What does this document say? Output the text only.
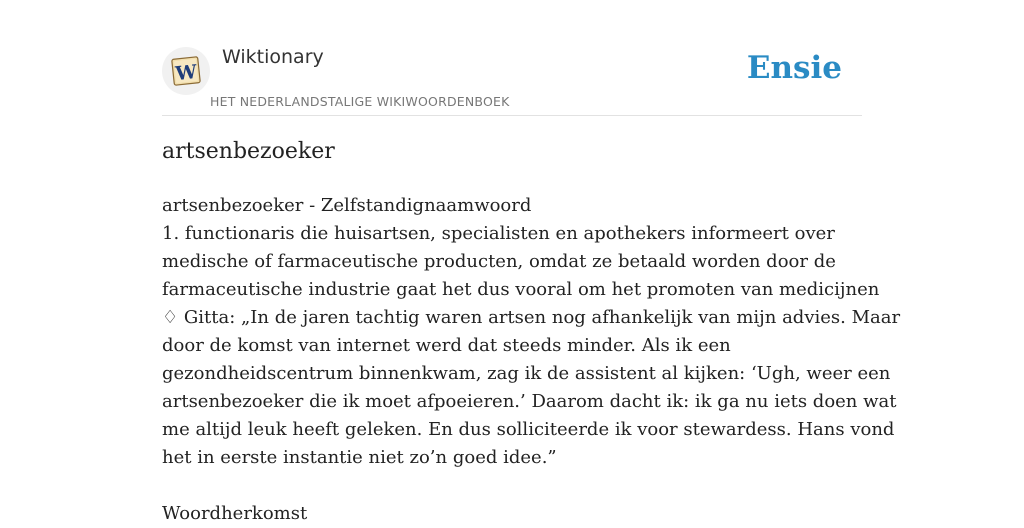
W
Wiktionary
HET NEDERLANDSTALIGE WIKIWOORDENBOEK
Ensie
artsenbezoeker
artsenbezoeker - Zelfstandignaamwoord
1. functionaris die huisartsen, specialisten en apothekers informeert over
medische of farmaceutische producten, omdat ze betaald worden door de
farmaceutische industrie gaat het dus vooral om het promoten van medicijnen
♢ Gitta: „In de jaren tachtig waren artsen nog afhankelijk van mijn advies. Maar
door de komst van internet werd dat steeds minder. Als ik een
gezondheidscentrum binnenkwam, zag ik de assistent al kijken: ‘Ugh, weer een
artsenbezoeker die ik moet afpoeieren.’ Daarom dacht ik: ik ga nu iets doen wat
me altijd leuk heeft geleken. En dus solliciteerde ik voor stewardess. Hans vond
het in eerste instantie niet zo’n goed idee.”
Woordherkomst
